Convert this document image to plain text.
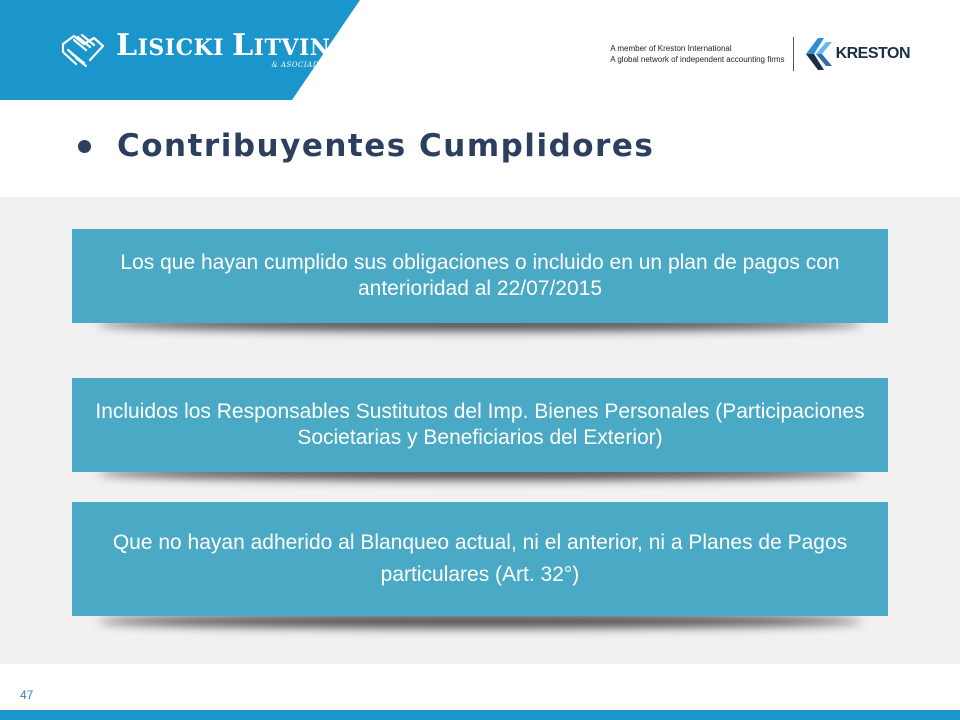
LISICKI LITVIN
& ASOCIADOS
A member of Kreston International
A global network of independent accounting firms	KRESTON
Contribuyentes Cumplidores
Los que hayan cumplido sus obligaciones o incluido en un plan de pagos con anterioridad al 22/07/2015
Incluidos los Responsables Sustitutos del Imp. Bienes Personales (Participaciones Societarias y Beneficiarios del Exterior)
Que no hayan adherido al Blanqueo actual, ni el anterior, ni a Planes de Pagos particulares (Art. 32°)
47
